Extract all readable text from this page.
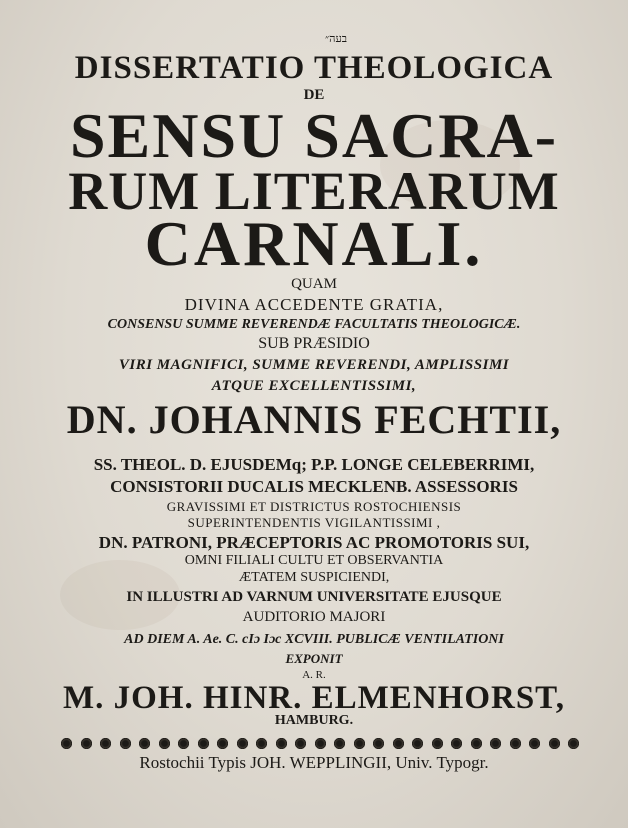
בעה״
DISSERTATIO THEOLOGICA
DE
SENSU SACRA-
RUM LITERARUM
CARNALI.
QUAM
DIVINA ACCEDENTE GRATIA,
CONSENSU SUMME REVERENDÆ FACULTATIS THEOLOGICÆ.
SUB PRÆSIDIO
VIRI MAGNIFICI, SUMME REVERENDI, AMPLISSIMI
ATQUE EXCELLENTISSIMI,
DN. JOHANNIS FECHTII,
SS. THEOL. D. EJUSDEMq; P.P. LONGE CELEBERRIMI,
CONSISTORII DUCALIS MECKLENB. ASSESSORIS
GRAVISSIMI ET DISTRICTUS ROSTOCHIENSIS
SUPERINTENDENTIS VIGILANTISSIMI ,
DN. PATRONI, PRÆCEPTORIS AC PROMOTORIS SUI,
OMNI FILIALI CULTU ET OBSERVANTIA
ÆTATEM SUSPICIENDI,
IN ILLUSTRI AD VARNUM UNIVERSITATE EJUSQUE
AUDITORIO MAJORI
AD DIEM A. Ae. C. cIɔ Iɔc XCVIII. PUBLICÆ VENTILATIONI
EXPONIT
A. R.
M. JOH. HINR. ELMENHORST,
HAMBURG.
Rostochii Typis JOH. WEPPLINGII, Univ. Typogr.
